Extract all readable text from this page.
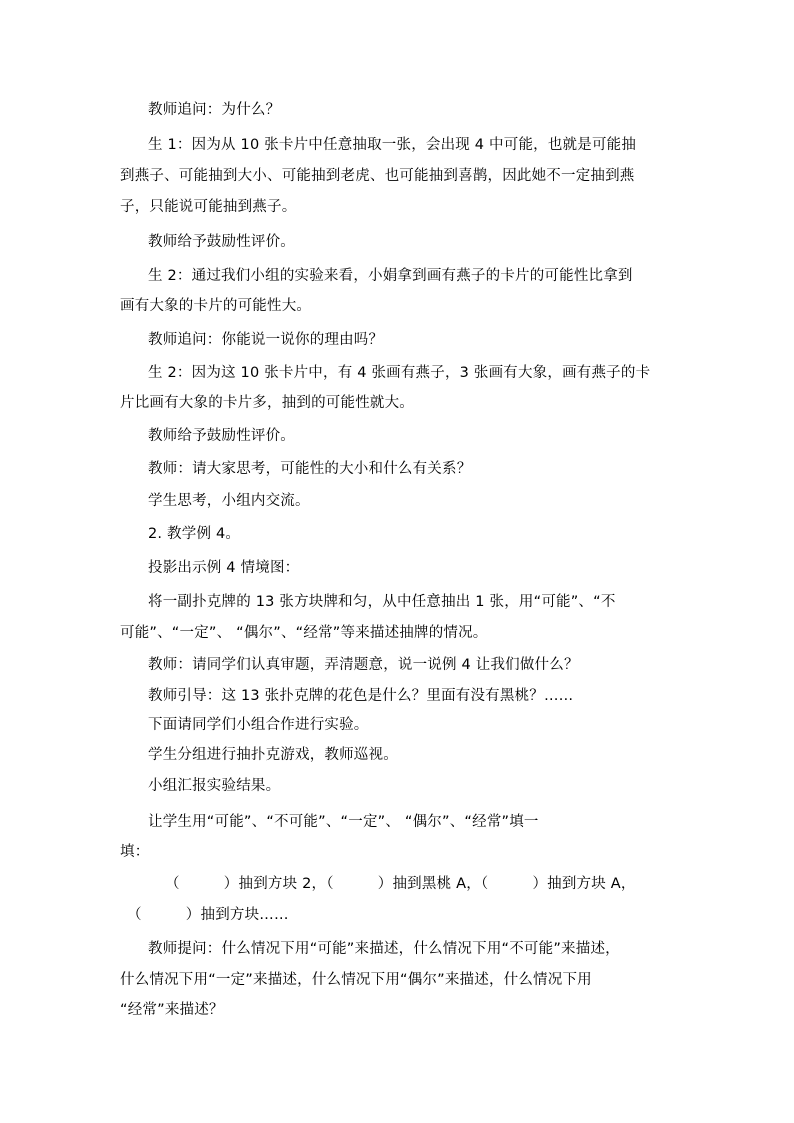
教师追问：为什么？
生 1：因为从 10 张卡片中任意抽取一张，会出现 4 中可能，也就是可能抽
到燕子、可能抽到大小、可能抽到老虎、也可能抽到喜鹊，因此她不一定抽到燕
子，只能说可能抽到燕子。
教师给予鼓励性评价。
生 2：通过我们小组的实验来看，小娟拿到画有燕子的卡片的可能性比拿到
画有大象的卡片的可能性大。
教师追问：你能说一说你的理由吗？
生 2：因为这 10 张卡片中，有 4 张画有燕子，3 张画有大象，画有燕子的卡
片比画有大象的卡片多，抽到的可能性就大。
教师给予鼓励性评价。
教师：请大家思考，可能性的大小和什么有关系？
学生思考，小组内交流。
2. 教学例 4。
投影出示例 4 情境图：
将一副扑克牌的 13 张方块牌和匀，从中任意抽出 1 张，用“可能”、“不
可能”、“一定”、 “偶尔”、“经常”等来描述抽牌的情况。
教师：请同学们认真审题，弄清题意，说一说例 4 让我们做什么？
教师引导：这 13 张扑克牌的花色是什么？里面有没有黑桃？……
下面请同学们小组合作进行实验。
学生分组进行抽扑克游戏，教师巡视。
小组汇报实验结果。
让学生用“可能”、“不可能”、“一定”、 “偶尔”、“经常”填一
填：
（　　　）抽到方块 2，（　　　）抽到黑桃 A，（　　　）抽到方块 A，
（　　　）抽到方块……
教师提问：什么情况下用“可能”来描述，什么情况下用“不可能”来描述，
什么情况下用“一定”来描述，什么情况下用“偶尔”来描述，什么情况下用
“经常”来描述？
